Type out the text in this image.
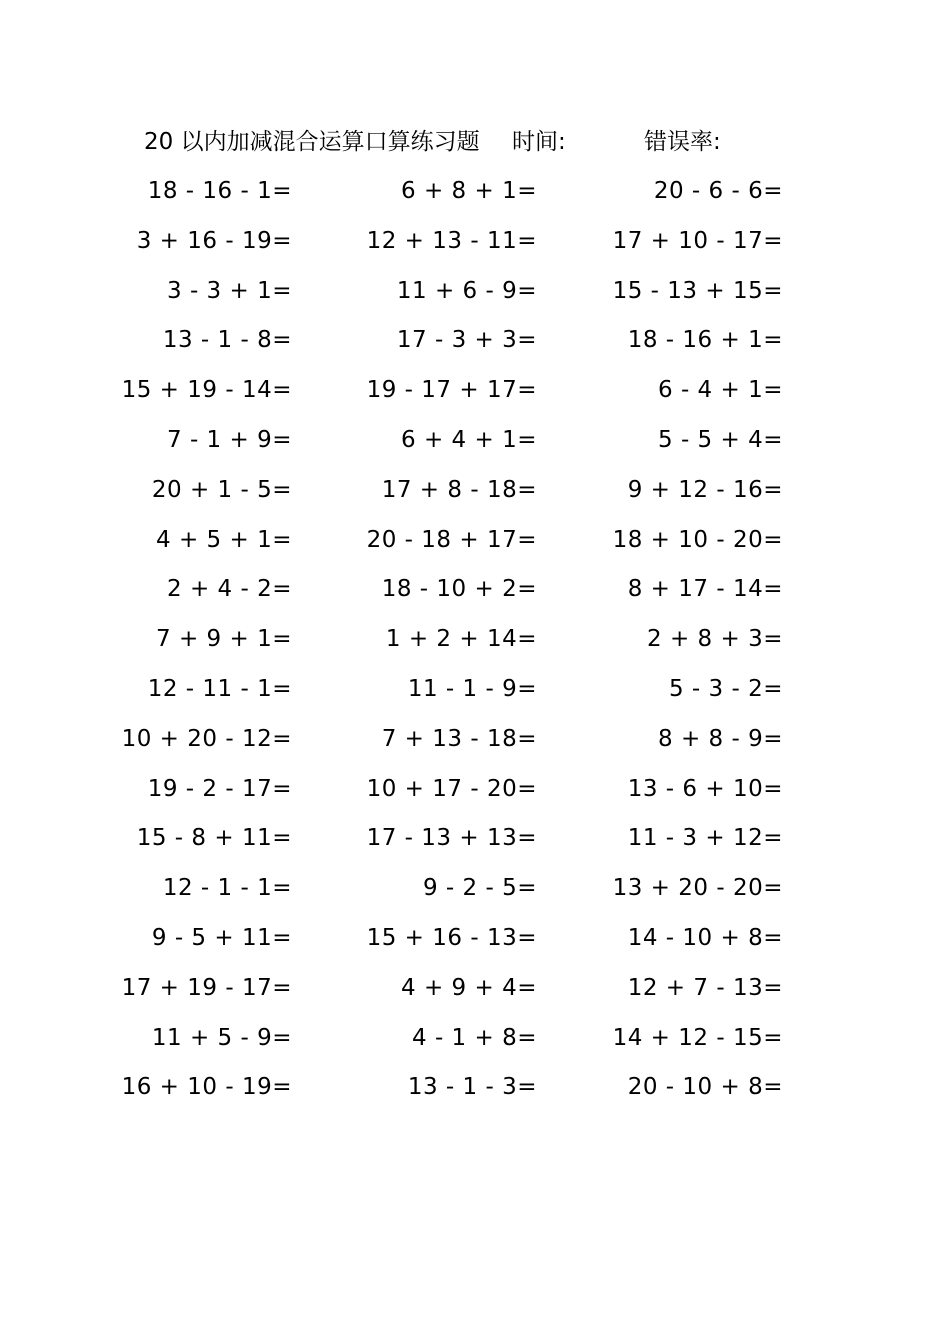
20 以内加减混合运算口算练习题 时间:	错误率:
18 - 16 - 1=	6 + 8 + 1=	20 - 6 - 6=
3 + 16 - 19=	12 + 13 - 11=	17 + 10 - 17=
3 - 3 + 1=	11 + 6 - 9=	15 - 13 + 15=
13 - 1 - 8=	17 - 3 + 3=	18 - 16 + 1=
15 + 19 - 14=	19 - 17 + 17=	6 - 4 + 1=
7 - 1 + 9=	6 + 4 + 1=	5 - 5 + 4=
20 + 1 - 5=	17 + 8 - 18=	9 + 12 - 16=
4 + 5 + 1=	20 - 18 + 17=	18 + 10 - 20=
2 + 4 - 2=	18 - 10 + 2=	8 + 17 - 14=
7 + 9 + 1=	1 + 2 + 14=	2 + 8 + 3=
12 - 11 - 1=	11 - 1 - 9=	5 - 3 - 2=
10 + 20 - 12=	7 + 13 - 18=	8 + 8 - 9=
19 - 2 - 17=	10 + 17 - 20=	13 - 6 + 10=
15 - 8 + 11=	17 - 13 + 13=	11 - 3 + 12=
12 - 1 - 1=	9 - 2 - 5=	13 + 20 - 20=
9 - 5 + 11=	15 + 16 - 13=	14 - 10 + 8=
17 + 19 - 17=	4 + 9 + 4=	12 + 7 - 13=
11 + 5 - 9=	4 - 1 + 8=	14 + 12 - 15=
16 + 10 - 19=	13 - 1 - 3=	20 - 10 + 8=
